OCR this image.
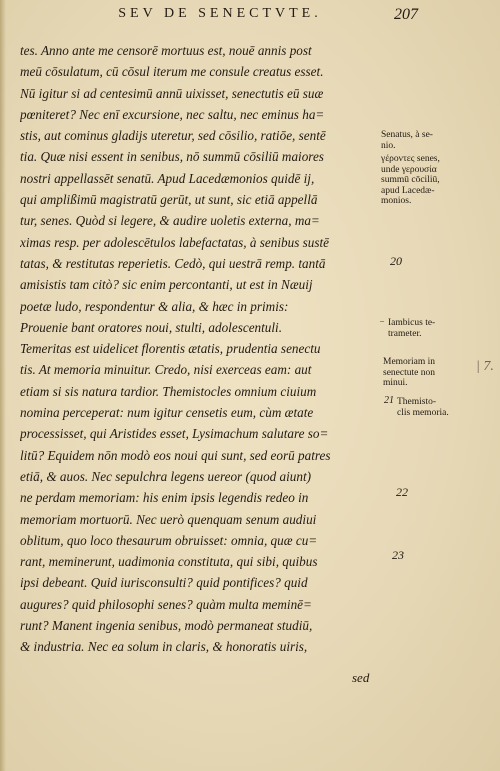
SEV DE SENECTVTE.	207
tes. Anno ante me censorē mortuus est, nouē annis post
meū cōsulatum, cū cōsul iterum me consule creatus esset.
Nū igitur si ad centesimū annū uixisset, senectutis eū suæ
pœniteret? Nec enī excursione, nec saltu, nec eminus ha=
stis, aut cominus gladijs uteretur, sed cōsilio, ratiōe, sentē
tia. Quæ nisi essent in senibus, nō summū cōsiliū maiores
nostri appellassēt senatū. Apud Lacedæmonios quidē ij,
qui amplißimū magistratū gerūt, ut sunt, sic etiā appellā
tur, senes. Quòd si legere, & audire uoletis externa, ma=
ximas resp. per adolescētulos labefactatas, à senibus sustē
tatas, & restitutas reperietis. Cedò, qui uestrā remp. tantā
amisistis tam citò? sic enim percontanti, ut est in Næuij
poetæ ludo, respondentur & alia, & hæc in primis:
Prouenie bant oratores noui, stulti, adolescentuli.
Temeritas est uidelicet florentis ætatis, prudentia senectu
tis. At memoria minuitur. Credo, nisi exerceas eam: aut
etiam si sis natura tardior. Themistocles omnium ciuium
nomina perceperat: num igitur censetis eum, cùm ætate
processisset, qui Aristides esset, Lysimachum salutare so=
litū? Equidem nōn modò eos noui qui sunt, sed eorū patres
etiā, & auos. Nec sepulchra legens uereor (quod aiunt)
ne perdam memoriam: his enim ipsis legendis redeo in
memoriam mortuorū. Nec uerò quenquam senum audiui
oblitum, quo loco thesaurum obruisset: omnia, quæ cu=
rant, meminerunt, uadimonia constituta, qui sibi, quibus
ipsi debeant. Quid iurisconsulti? quid pontifices? quid
augures? quid philosophi senes? quàm multa meminē=
runt? Manent ingenia senibus, modò permaneat studiū,
& industria. Nec ea solum in claris, & honoratis uiris,
sed
Senatus, à se-
nio.
γέροντες senes,
unde γερουσία
summū cōciliū,
apud Lacedæ-
monios.
20
– Iambicus te-
trameter.
Memoriam in
senectute non
minui.
| 7.
21 Themisto-
clis memoria.
22
23
